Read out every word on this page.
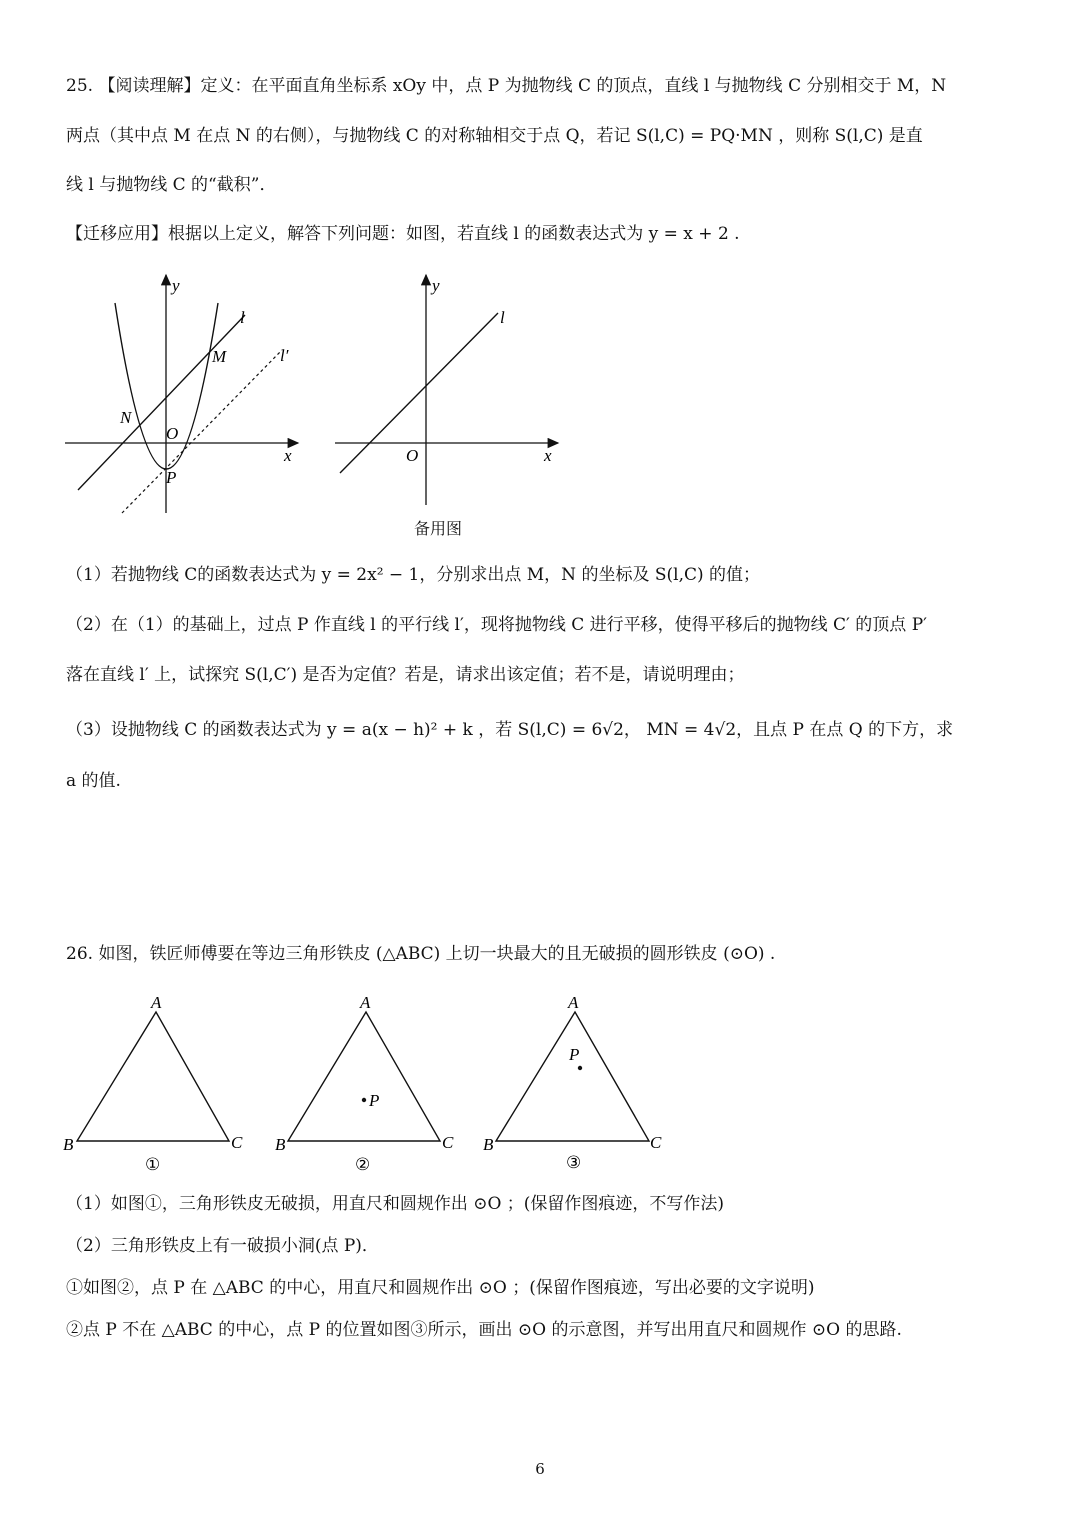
25. 【阅读理解】定义：在平面直角坐标系 xOy 中，点 P 为抛物线 C 的顶点，直线 l 与抛物线 C 分别相交于 M，N
两点（其中点 M 在点 N 的右侧），与抛物线 C 的对称轴相交于点 Q，若记 S(l,C) = PQ·MN ，则称 S(l,C) 是直
线 l 与抛物线 C 的“截积”．
【迁移应用】根据以上定义，解答下列问题：如图，若直线 l 的函数表达式为 y = x + 2 .
y
x
O
l
l′
M
N
P
y
x
O
l
备用图
（1）若抛物线 C的函数表达式为 y = 2x² − 1，分别求出点 M，N 的坐标及 S(l,C) 的值；
（2）在（1）的基础上，过点 P 作直线 l 的平行线 l′，现将抛物线 C 进行平移，使得平移后的抛物线 C′ 的顶点 P′
落在直线 l′ 上，试探究 S(l,C′) 是否为定值？若是，请求出该定值；若不是，请说明理由；
（3）设抛物线 C 的函数表达式为 y = a(x − h)² + k ，若 S(l,C) = 6√2， MN = 4√2，且点 P 在点 Q 的下方，求
a 的值.
26. 如图，铁匠师傅要在等边三角形铁皮 (△ABC) 上切一块最大的且无破损的圆形铁皮 (⊙O) .
A
B	C
①
A
B	C
P
②
A
B	C
P
③
（1）如图①，三角形铁皮无破损，用直尺和圆规作出 ⊙O ；(保留作图痕迹，不写作法)
（2）三角形铁皮上有一破损小洞(点 P)．
①如图②，点 P 在 △ABC 的中心，用直尺和圆规作出 ⊙O ；(保留作图痕迹，写出必要的文字说明)
②点 P 不在 △ABC 的中心，点 P 的位置如图③所示，画出 ⊙O 的示意图，并写出用直尺和圆规作 ⊙O 的思路.
6
